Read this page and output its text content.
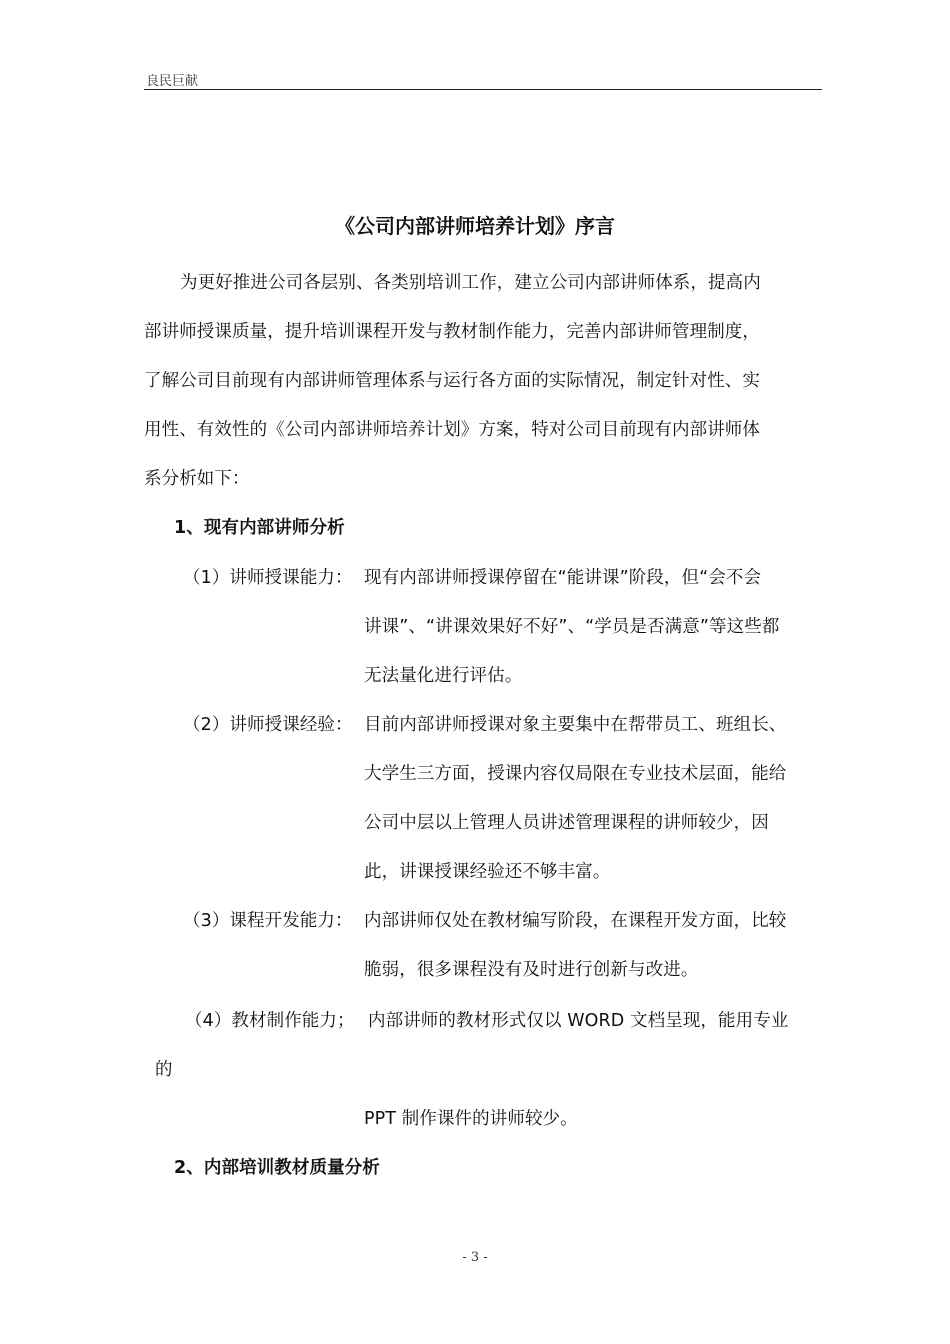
良民巨献

《公司内部讲师培养计划》序言

为更好推进公司各层别、各类别培训工作，建立公司内部讲师体系，提高内

部讲师授课质量，提升培训课程开发与教材制作能力，完善内部讲师管理制度，

了解公司目前现有内部讲师管理体系与运行各方面的实际情况，制定针对性、实

用性、有效性的《公司内部讲师培养计划》方案，特对公司目前现有内部讲师体

系分析如下：

1、现有内部讲师分析

（1）讲师授课能力： 现有内部讲师授课停留在“能讲课”阶段，但“会不会

讲课”、“讲课效果好不好”、“学员是否满意”等这些都

无法量化进行评估。

（2）讲师授课经验： 目前内部讲师授课对象主要集中在帮带员工、班组长、

大学生三方面，授课内容仅局限在专业技术层面，能给

公司中层以上管理人员讲述管理课程的讲师较少，因

此，讲课授课经验还不够丰富。

（3）课程开发能力： 内部讲师仅处在教材编写阶段，在课程开发方面，比较

脆弱，很多课程没有及时进行创新与改进。

（4）教材制作能力； 内部讲师的教材形式仅以 WORD 文档呈现，能用专业

的

PPT 制作课件的讲师较少。

2、内部培训教材质量分析

- 3 -
